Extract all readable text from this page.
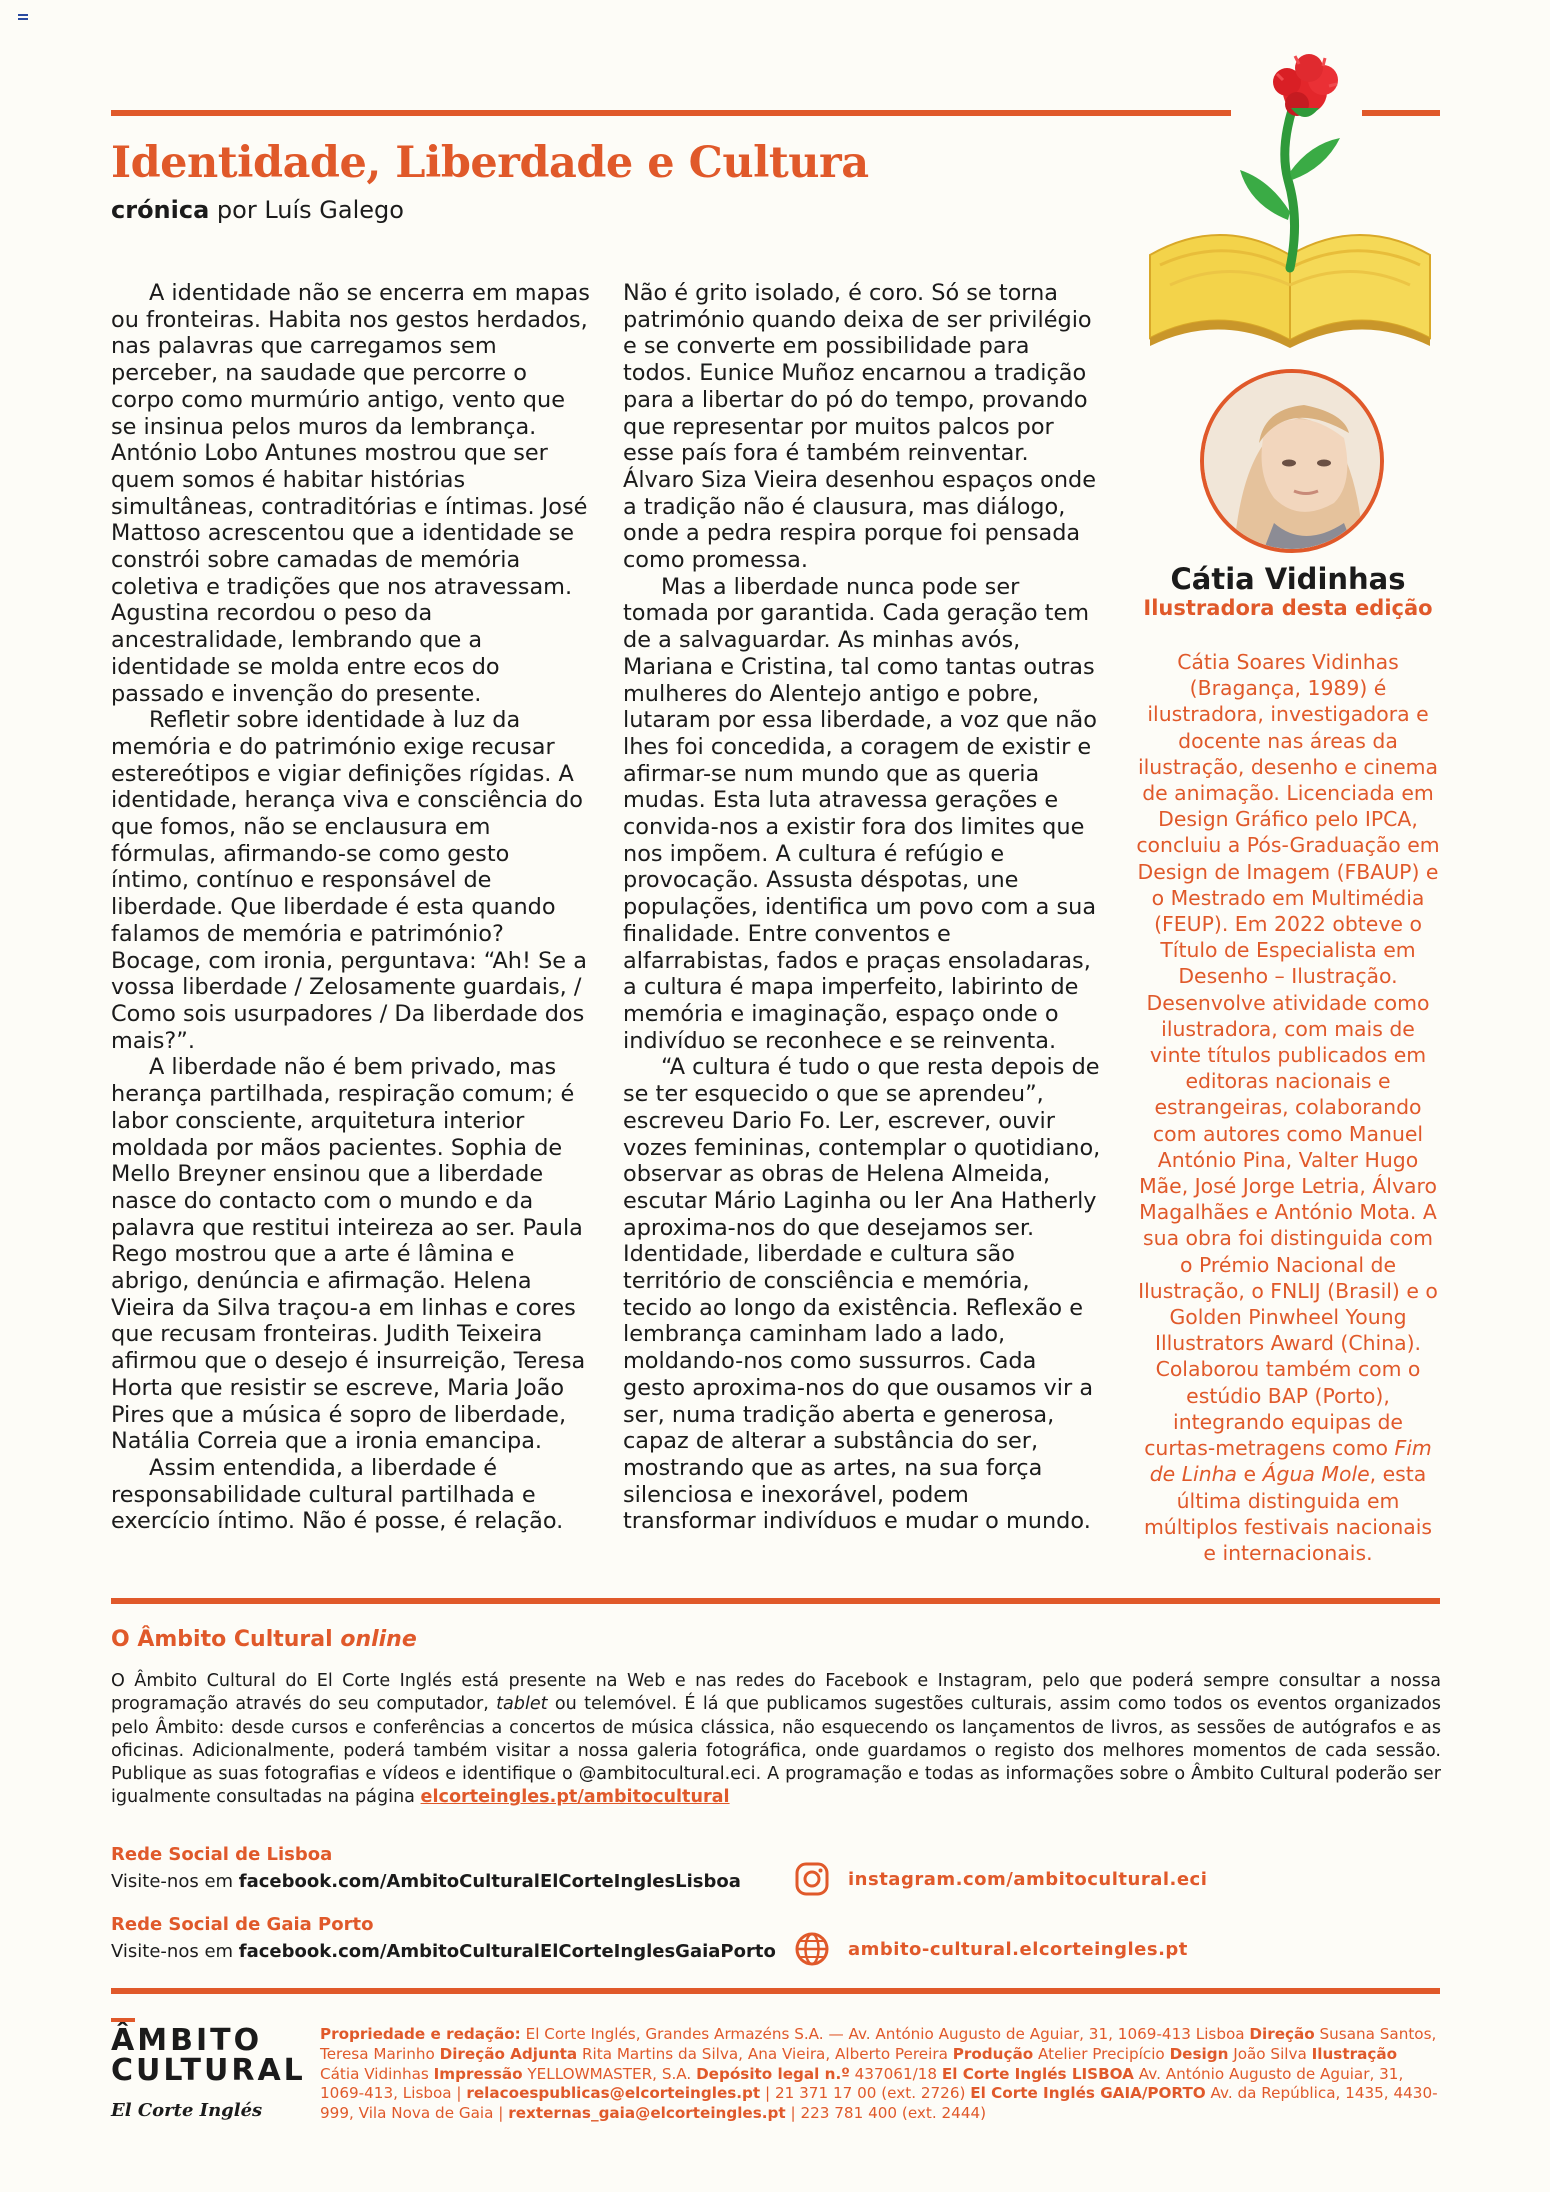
Identidade, Liberdade e Cultura
crónica por Luís Galego
Cátia Vidinhas
Ilustradora desta edição
Cátia Soares Vidinhas (Bragança, 1989) é ilustradora, investigadora e docente nas áreas da ilustração, desenho e cinema de animação. Licenciada em Design Gráfico pelo IPCA, concluiu a Pós-Graduação em Design de Imagem (FBAUP) e o Mestrado em Multimédia (FEUP). Em 2022 obteve o Título de Especialista em Desenho – Ilustração. Desenvolve atividade como ilustradora, com mais de vinte títulos publicados em editoras nacionais e estrangeiras, colaborando com autores como Manuel António Pina, Valter Hugo Mãe, José Jorge Letria, Álvaro Magalhães e António Mota. A sua obra foi distinguida com o Prémio Nacional de Ilustração, o FNLIJ (Brasil) e o Golden Pinwheel Young Illustrators Award (China). Colaborou também com o estúdio BAP (Porto), integrando equipas de curtas-metragens como Fim de Linha e Água Mole, esta última distinguida em múltiplos festivais nacionais e internacionais.

A identidade não se encerra em mapas ou fronteiras. Habita nos gestos herdados, nas palavras que carregamos sem perceber, na saudade que percorre o corpo como murmúrio antigo, vento que se insinua pelos muros da lembrança. António Lobo Antunes mostrou que ser quem somos é habitar histórias simultâneas, contraditórias e íntimas. José Mattoso acrescentou que a identidade se constrói sobre camadas de memória coletiva e tradições que nos atravessam. Agustina recordou o peso da ancestralidade, lembrando que a identidade se molda entre ecos do passado e invenção do presente.

Refletir sobre identidade à luz da memória e do património exige recusar estereótipos e vigiar definições rígidas. A identidade, herança viva e consciência do que fomos, não se enclausura em fórmulas, afirmando-se como gesto íntimo, contínuo e responsável de liberdade. Que liberdade é esta quando falamos de memória e património? Bocage, com ironia, perguntava: “Ah! Se a vossa liberdade / Zelosamente guardais, / Como sois usurpadores / Da liberdade dos mais?”.

A liberdade não é bem privado, mas herança partilhada, respiração comum; é labor consciente, arquitetura interior moldada por mãos pacientes. Sophia de Mello Breyner ensinou que a liberdade nasce do contacto com o mundo e da palavra que restitui inteireza ao ser. Paula Rego mostrou que a arte é lâmina e abrigo, denúncia e afirmação. Helena Vieira da Silva traçou-a em linhas e cores que recusam fronteiras. Judith Teixeira afirmou que o desejo é insurreição, Teresa Horta que resistir se escreve, Maria João Pires que a música é sopro de liberdade, Natália Correia que a ironia emancipa.

Assim entendida, a liberdade é responsabilidade cultural partilhada e exercício íntimo. Não é posse, é relação.

Não é grito isolado, é coro. Só se torna património quando deixa de ser privilégio e se converte em possibilidade para todos. Eunice Muñoz encarnou a tradição para a libertar do pó do tempo, provando que representar por muitos palcos por esse país fora é também reinventar. Álvaro Siza Vieira desenhou espaços onde a tradição não é clausura, mas diálogo, onde a pedra respira porque foi pensada como promessa.

Mas a liberdade nunca pode ser tomada por garantida. Cada geração tem de a salvaguardar. As minhas avós, Mariana e Cristina, tal como tantas outras mulheres do Alentejo antigo e pobre, lutaram por essa liberdade, a voz que não lhes foi concedida, a coragem de existir e afirmar-se num mundo que as queria mudas. Esta luta atravessa gerações e convida-nos a existir fora dos limites que nos impõem. A cultura é refúgio e provocação. Assusta déspotas, une populações, identifica um povo com a sua finalidade. Entre conventos e alfarrabistas, fados e praças ensoladaras, a cultura é mapa imperfeito, labirinto de memória e imaginação, espaço onde o indivíduo se reconhece e se reinventa.

“A cultura é tudo o que resta depois de se ter esquecido o que se aprendeu”, escreveu Dario Fo. Ler, escrever, ouvir vozes femininas, contemplar o quotidiano, observar as obras de Helena Almeida, escutar Mário Laginha ou ler Ana Hatherly aproxima-nos do que desejamos ser. Identidade, liberdade e cultura são território de consciência e memória, tecido ao longo da existência. Reflexão e lembrança caminham lado a lado, moldando-nos como sussurros. Cada gesto aproxima-nos do que ousamos vir a ser, numa tradição aberta e generosa, capaz de alterar a substância do ser, mostrando que as artes, na sua força silenciosa e inexorável, podem transformar indivíduos e mudar o mundo.

O Âmbito Cultural online
O Âmbito Cultural do El Corte Inglés está presente na Web e nas redes do Facebook e Instagram, pelo que poderá sempre consultar a nossa programação através do seu computador, tablet ou telemóvel. É lá que publicamos sugestões culturais, assim como todos os eventos organizados pelo Âmbito: desde cursos e conferências a concertos de música clássica, não esquecendo os lançamentos de livros, as sessões de autógrafos e as oficinas. Adicionalmente, poderá também visitar a nossa galeria fotográfica, onde guardamos o registo dos melhores momentos de cada sessão. Publique as suas fotografias e vídeos e identifique o @ambitocultural.eci. A programação e todas as informações sobre o Âmbito Cultural poderão ser igualmente consultadas na página elcorteingles.pt/ambitocultural
Rede Social de Lisboa
Visite-nos em facebook.com/AmbitoCulturalElCorteInglesLisboa
Rede Social de Gaia Porto
Visite-nos em facebook.com/AmbitoCulturalElCorteInglesGaiaPorto
instagram.com/ambitocultural.eci
ambito-cultural.elcorteingles.pt
ÂMBITO
CULTURAL
El Corte Inglés
Propriedade e redação: El Corte Inglés, Grandes Armazéns S.A. — Av. António Augusto de Aguiar, 31, 1069-413 Lisboa Direção Susana Santos, Teresa Marinho Direção Adjunta Rita Martins da Silva, Ana Vieira, Alberto Pereira Produção Atelier Precipício Design João Silva Ilustração Cátia Vidinhas Impressão YELLOWMASTER, S.A. Depósito legal n.º 437061/18 El Corte Inglés LISBOA Av. António Augusto de Aguiar, 31, 1069-413, Lisboa | relacoespublicas@elcorteingles.pt | 21 371 17 00 (ext. 2726) El Corte Inglés GAIA/PORTO Av. da República, 1435, 4430-999, Vila Nova de Gaia | rexternas_gaia@elcorteingles.pt | 223 781 400 (ext. 2444)
